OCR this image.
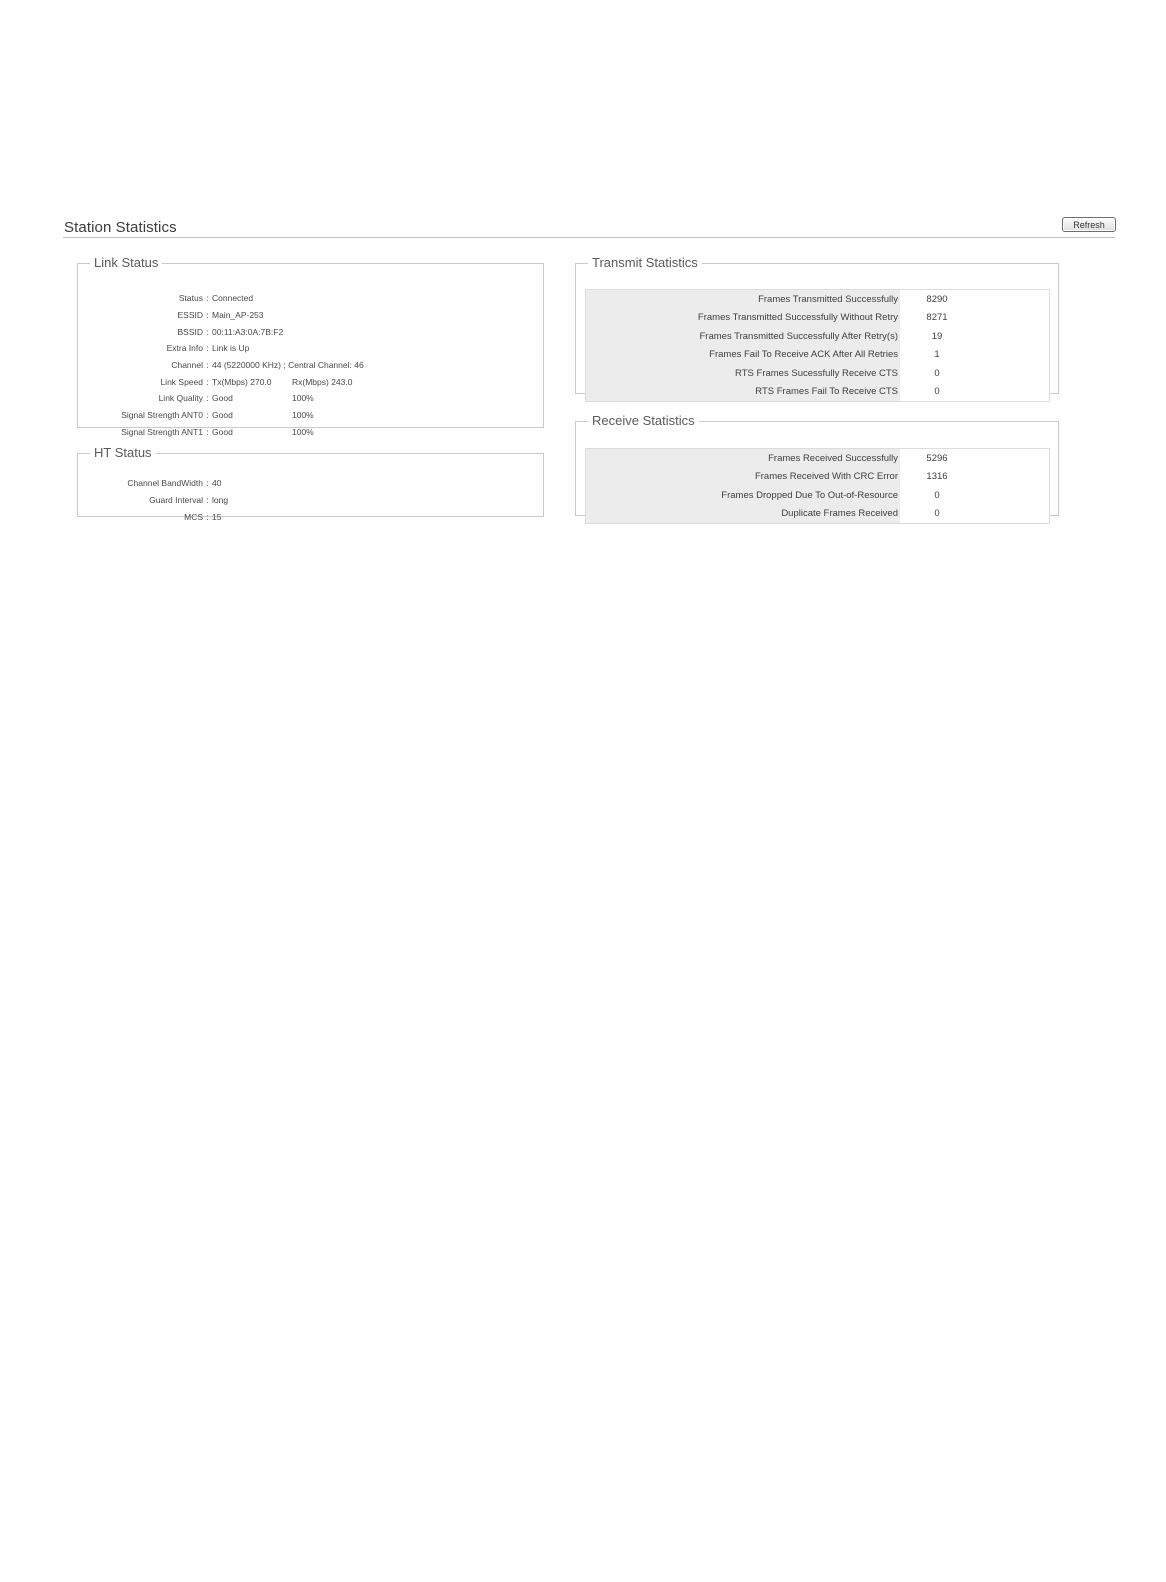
Station Statistics	Refresh
Link Status
Status	:	Connected	
ESSID	:	Main_AP-253	
BSSID	:	00:11:A3:0A:7B:F2	
Extra Info	:	Link is Up	
Channel	:	44 (5220000 KHz) ; Central Channel: 46	
Link Speed	:	Tx(Mbps) 270.0	Rx(Mbps) 243.0
Link Quality	:	Good	100%
Signal Strength ANT0	:	Good	100%
Signal Strength ANT1	:	Good	100%
HT Status
Channel BandWidth	:	40
Guard Interval	:	long
MCS	:	15
Transmit Statistics
Frames Transmitted Successfully	8290
Frames Transmitted Successfully Without Retry	8271
Frames Transmitted Successfully After Retry(s)	19
Frames Fail To Receive ACK After All Retries	1
RTS Frames Sucessfully Receive CTS	0
RTS Frames Fail To Receive CTS	0
Receive Statistics
Frames Received Successfully	5296
Frames Received With CRC Error	1316
Frames Dropped Due To Out-of-Resource	0
Duplicate Frames Received	0
